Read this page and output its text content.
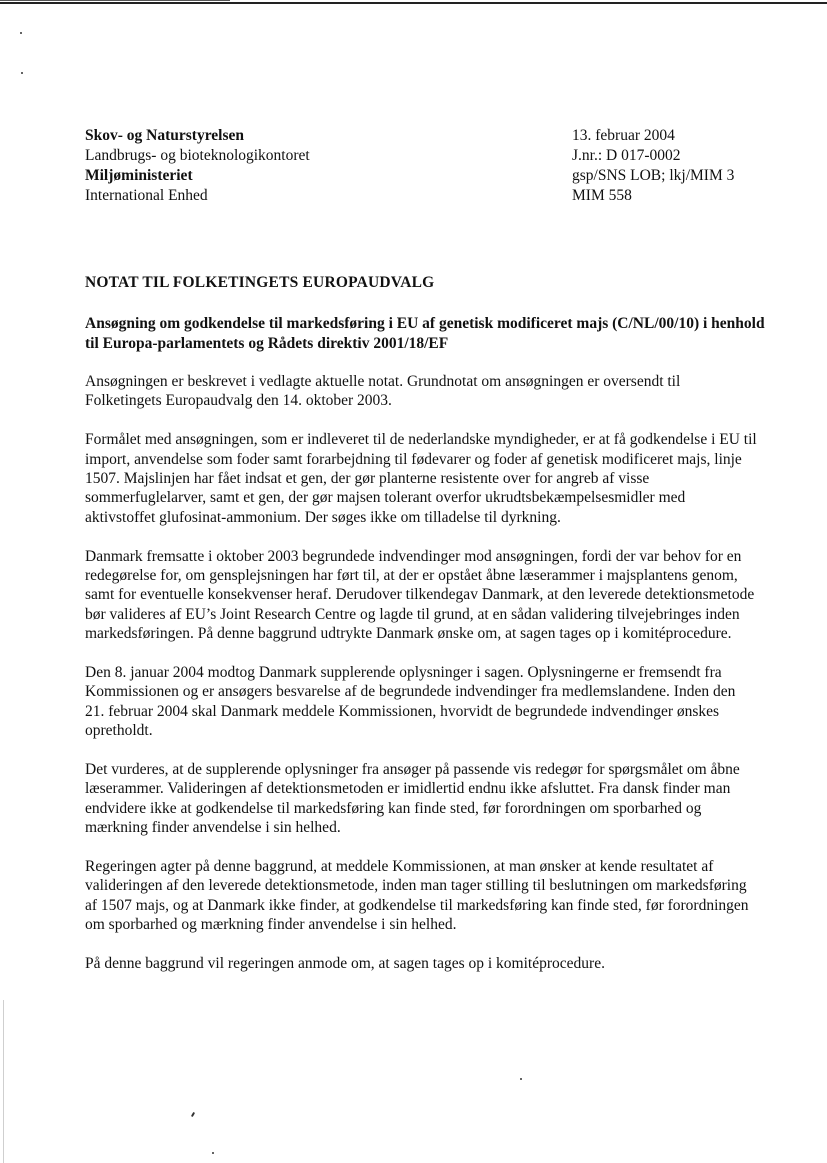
Skov- og Naturstyrelsen
Landbrugs- og bioteknologikontoret
Miljøministeriet
International Enhed
13. februar 2004
J.nr.: D 017-0002
gsp/SNS LOB; lkj/MIM 3
MIM 558
NOTAT TIL FOLKETINGETS EUROPAUDVALG
Ansøgning om godkendelse til markedsføring i EU af genetisk modificeret majs (C/NL/00/10) i henhold til Europa-parlamentets og Rådets direktiv 2001/18/EF

Ansøgningen er beskrevet i vedlagte aktuelle notat. Grundnotat om ansøgningen er oversendt til Folketingets Europaudvalg den 14. oktober 2003.

Formålet med ansøgningen, som er indleveret til de nederlandske myndigheder, er at få godkendelse i EU til import, anvendelse som foder samt forarbejdning til fødevarer og foder af genetisk modificeret majs, linje 1507. Majslinjen har fået indsat et gen, der gør planterne resistente over for angreb af visse sommerfuglelarver, samt et gen, der gør majsen tolerant overfor ukrudtsbekæmpelsesmidler med aktivstoffet glufosinat-ammonium. Der søges ikke om tilladelse til dyrkning.

Danmark fremsatte i oktober 2003 begrundede indvendinger mod ansøgningen, fordi der var behov for en redegørelse for, om gensplejsningen har ført til, at der er opstået åbne læserammer i majsplantens genom, samt for eventuelle konsekvenser heraf. Derudover tilkendegav Danmark, at den leverede detektionsmetode bør valideres af EU’s Joint Research Centre og lagde til grund, at en sådan validering tilvejebringes inden markedsføringen. På denne baggrund udtrykte Danmark ønske om, at sagen tages op i komitéprocedure.

Den 8. januar 2004 modtog Danmark supplerende oplysninger i sagen. Oplysningerne er fremsendt fra Kommissionen og er ansøgers besvarelse af de begrundede indvendinger fra medlemslandene. Inden den 21. februar 2004 skal Danmark meddele Kommissionen, hvorvidt de begrundede indvendinger ønskes opretholdt.

Det vurderes, at de supplerende oplysninger fra ansøger på passende vis redegør for spørgsmålet om åbne læserammer. Valideringen af detektionsmetoden er imidlertid endnu ikke afsluttet. Fra dansk finder man endvidere ikke at godkendelse til markedsføring kan finde sted, før forordningen om sporbarhed og mærkning finder anvendelse i sin helhed.

Regeringen agter på denne baggrund, at meddele Kommissionen, at man ønsker at kende resultatet af valideringen af den leverede detektionsmetode, inden man tager stilling til beslutningen om markedsføring af 1507 majs, og at Danmark ikke finder, at godkendelse til markedsføring kan finde sted, før forordningen om sporbarhed og mærkning finder anvendelse i sin helhed.

På denne baggrund vil regeringen anmode om, at sagen tages op i komitéprocedure.
